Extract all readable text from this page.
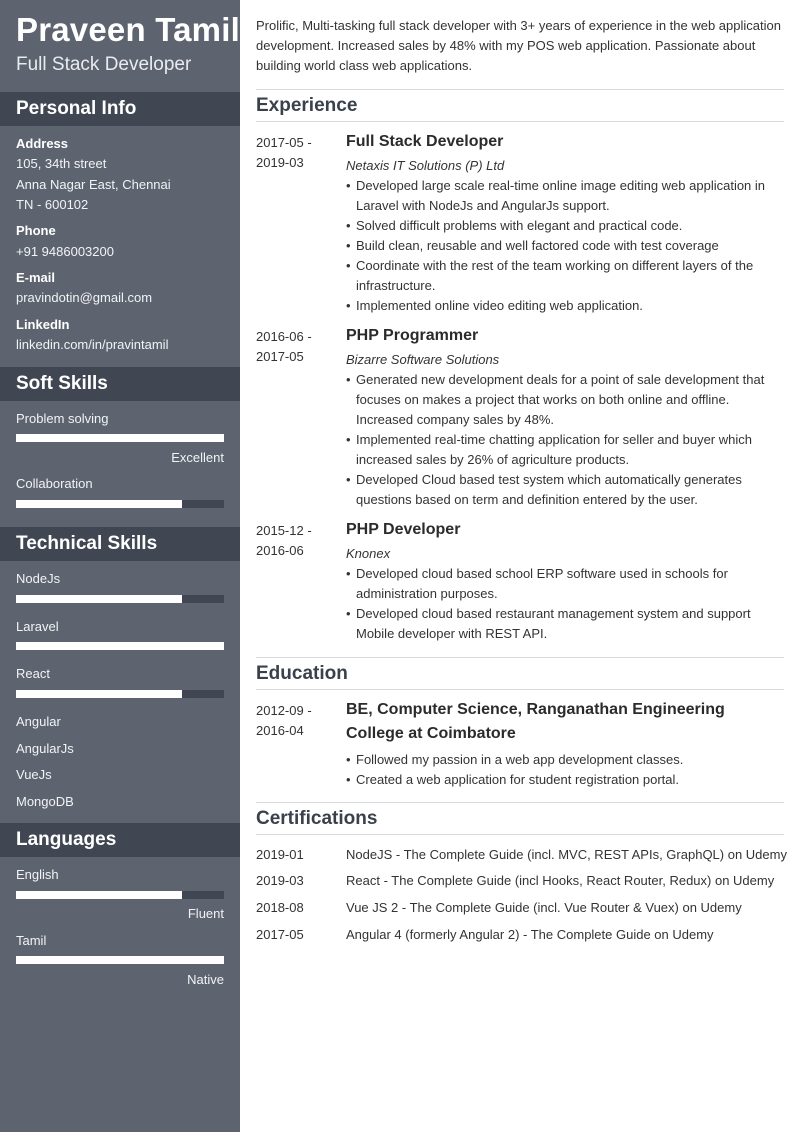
Praveen Tamil
Full Stack Developer
Personal Info
Address
105, 34th street
Anna Nagar East, Chennai
TN - 600102
Phone
+91 9486003200
E-mail
pravindotin@gmail.com
LinkedIn
linkedin.com/in/pravintamil
Soft Skills
Problem solving
Excellent
Collaboration
Technical Skills
NodeJs
Laravel
React
Angular
AngularJs
VueJs
MongoDB
Languages
English
Fluent
Tamil
Native

Prolific, Multi-tasking full stack developer with 3+ years of experience in the web application development. Increased sales by 48% with my POS web application. Passionate about building world class web applications.

Experience
2017-05 -
2019-03
Full Stack Developer
Netaxis IT Solutions (P) Ltd
• Developed large scale real-time online image editing web application in Laravel with NodeJs and AngularJs support.
• Solved difficult problems with elegant and practical code.
• Build clean, reusable and well factored code with test coverage
• Coordinate with the rest of the team working on different layers of the infrastructure.
• Implemented online video editing web application.
2016-06 -
2017-05
PHP Programmer
Bizarre Software Solutions
• Generated new development deals for a point of sale development that focuses on makes a project that works on both online and offline. Increased company sales by 48%.
• Implemented real-time chatting application for seller and buyer which increased sales by 26% of agriculture products.
• Developed Cloud based test system which automatically generates questions based on term and definition entered by the user.
2015-12 -
2016-06
PHP Developer
Knonex
• Developed cloud based school ERP software used in schools for administration purposes.
• Developed cloud based restaurant management system and support Mobile developer with REST API.
Education
2012-09 -
2016-04
BE, Computer Science, Ranganathan Engineering College at Coimbatore
• Followed my passion in a web app development classes.
• Created a web application for student registration portal.
Certifications
2019-01	NodeJS - The Complete Guide (incl. MVC, REST APIs, GraphQL) on Udemy
2019-03	React - The Complete Guide (incl Hooks, React Router, Redux) on Udemy
2018-08	Vue JS 2 - The Complete Guide (incl. Vue Router & Vuex) on Udemy
2017-05	Angular 4 (formerly Angular 2) - The Complete Guide on Udemy
